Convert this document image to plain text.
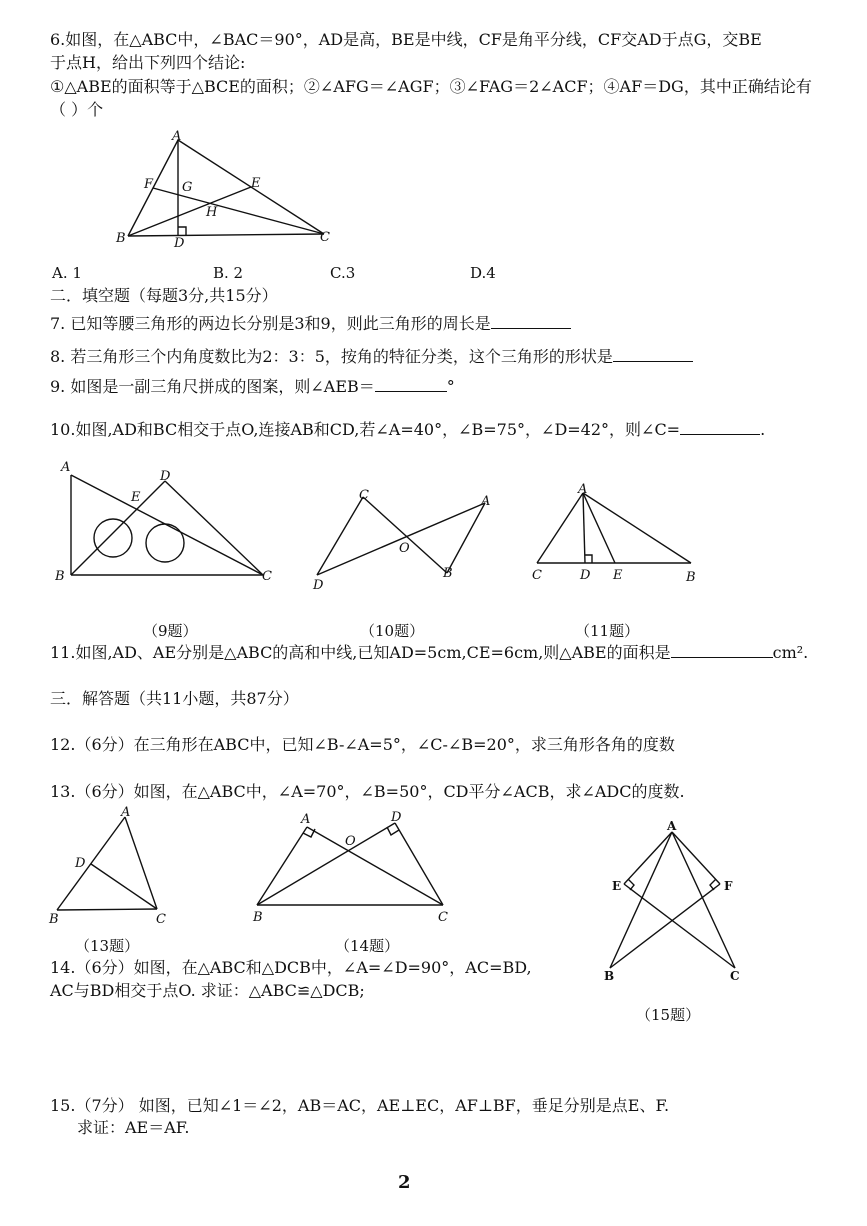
6.如图，在△ABC中，∠BAC＝90°，AD是高，BE是中线，CF是角平分线，CF交AD于点G，交BE
于点H，给出下列四个结论:
①△ABE的面积等于△BCE的面积；②∠AFG＝∠AGF；③∠FAG＝2∠ACF；④AF＝DG，其中正确结论有
（ ）个
A
B	C
D
E
F G
H
A. 1	B. 2	C.3	D.4
二．填空题（每题3分,共15分）
7. 已知等腰三角形的两边长分别是3和9，则此三角形的周长是
8. 若三角形三个内角度数比为2：3：5，按角的特征分类，这个三角形的形状是
9. 如图是一副三角尺拼成的图案，则∠AEB＝	°
10.如图,AD和BC相交于点O,连接AB和CD,若∠A=40°，∠B=75°，∠D=42°，则∠C=	.
A
B	C
D
E	C
D
A
B
O
A
C	D E	B
（9题）	（10题）	（11题）
11.如图,AD、AE分别是△ABC的高和中线,已知AD=5cm,CE=6cm,则△ABE的面积是	cm².
三．解答题（共11小题，共87分）
12.（6分）在三角形在ABC中，已知∠B-∠A=5°，∠C-∠B=20°，求三角形各角的度数
13.（6分）如图，在△ABC中，∠A=70°，∠B=50°，CD平分∠ACB，求∠ADC的度数.
A
B	C
D
A	D
B	C
O
（13题）	（14题）
A
E	F
B	C
14.（6分）如图，在△ABC和△DCB中，∠A=∠D=90°，AC=BD,
AC与BD相交于点O. 求证：△ABC≌△DCB;
（15题）
15.（7分） 如图，已知∠1＝∠2，AB＝AC，AE⊥EC，AF⊥BF，垂足分别是点E、F.
求证：AE＝AF.
2
